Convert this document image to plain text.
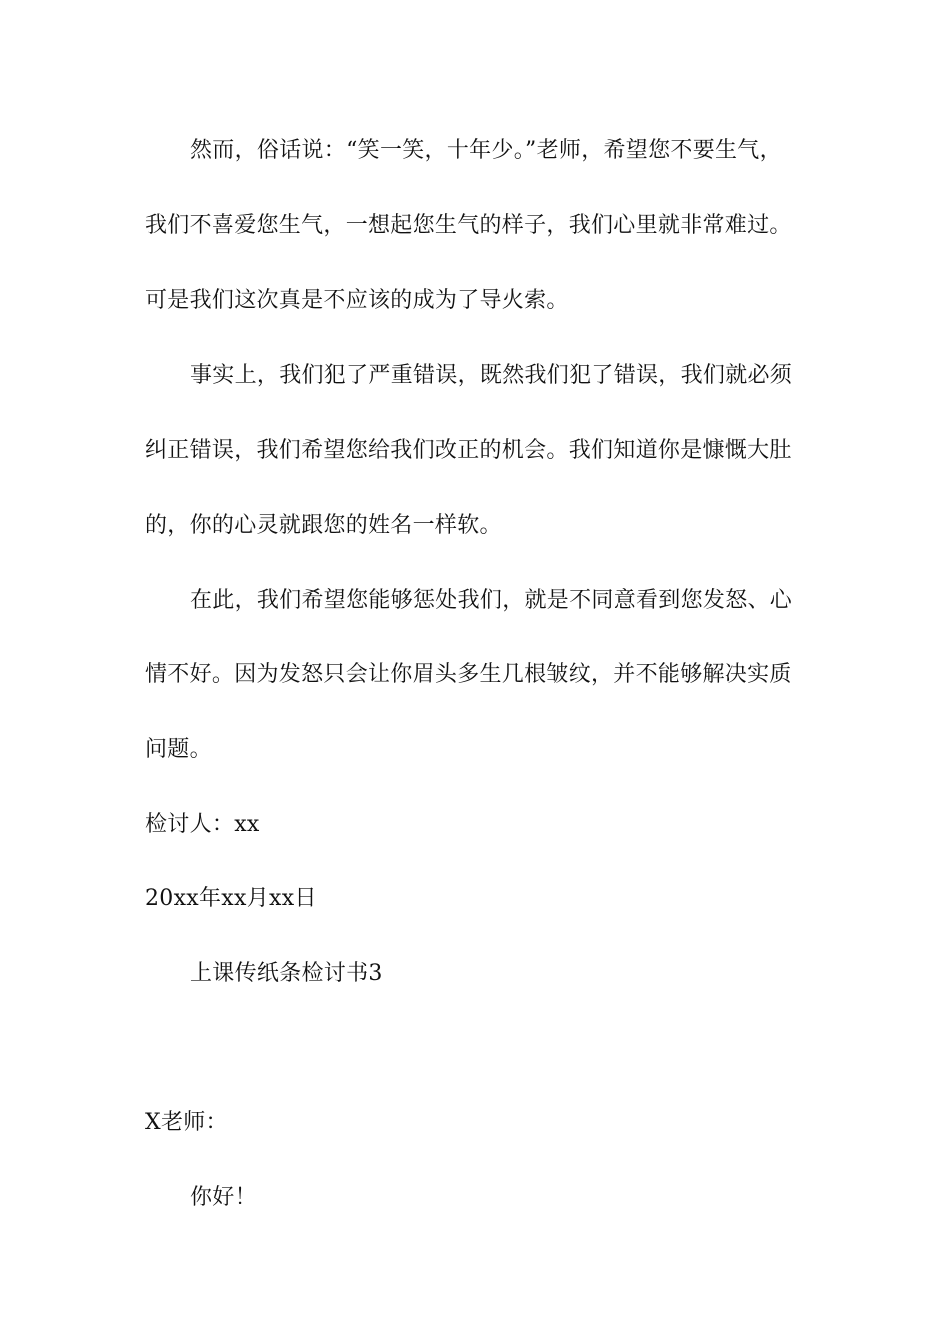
然而，俗话说：“笑一笑，十年少。”老师，希望您不要生气，
我们不喜爱您生气，一想起您生气的样子，我们心里就非常难过。
可是我们这次真是不应该的成为了导火索。
事实上，我们犯了严重错误，既然我们犯了错误，我们就必须
纠正错误，我们希望您给我们改正的机会。我们知道你是慷慨大肚
的，你的心灵就跟您的姓名一样软。
在此，我们希望您能够惩处我们，就是不同意看到您发怒、心
情不好。因为发怒只会让你眉头多生几根皱纹，并不能够解决实质
问题。
检讨人：xx
20xx年xx月xx日
上课传纸条检讨书3
X老师：
你好！
